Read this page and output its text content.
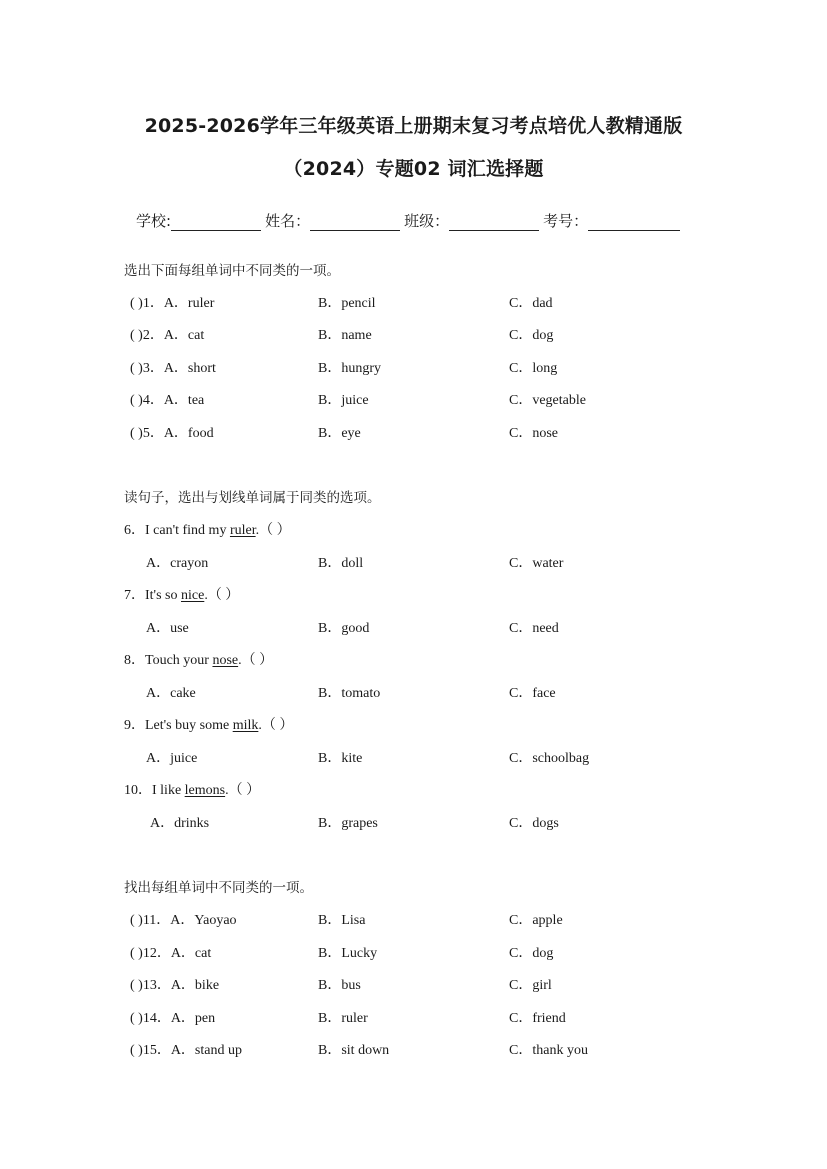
2025-2026学年三年级英语上册期末复习考点培优人教精通版
（2024）专题02 词汇选择题
学校:	姓名：	班级：	考号：
选出下面每组单词中不同类的一项。
( )1．A．ruler	B．pencil	C．dad
( )2．A．cat	B．name	C．dog
( )3．A．short	B．hungry	C．long
( )4．A．tea	B．juice	C．vegetable
( )5．A．food	B．eye	C．nose
读句子，选出与划线单词属于同类的选项。
6．I can't find my ruler.（ ）
A．crayon	B．doll	C．water
7．It's so nice.（ ）
A．use	B．good	C．need
8．Touch your nose.（ ）
A．cake	B．tomato	C．face
9．Let's buy some milk.（ ）
A．juice	B．kite	C．schoolbag
10．I like lemons.（ ）
A．drinks	B．grapes	C．dogs
找出每组单词中不同类的一项。
( )11．A．Yaoyao	B．Lisa	C．apple
( )12．A．cat	B．Lucky	C．dog
( )13．A．bike	B．bus	C．girl
( )14．A．pen	B．ruler	C．friend
( )15．A．stand up	B．sit down	C．thank you
